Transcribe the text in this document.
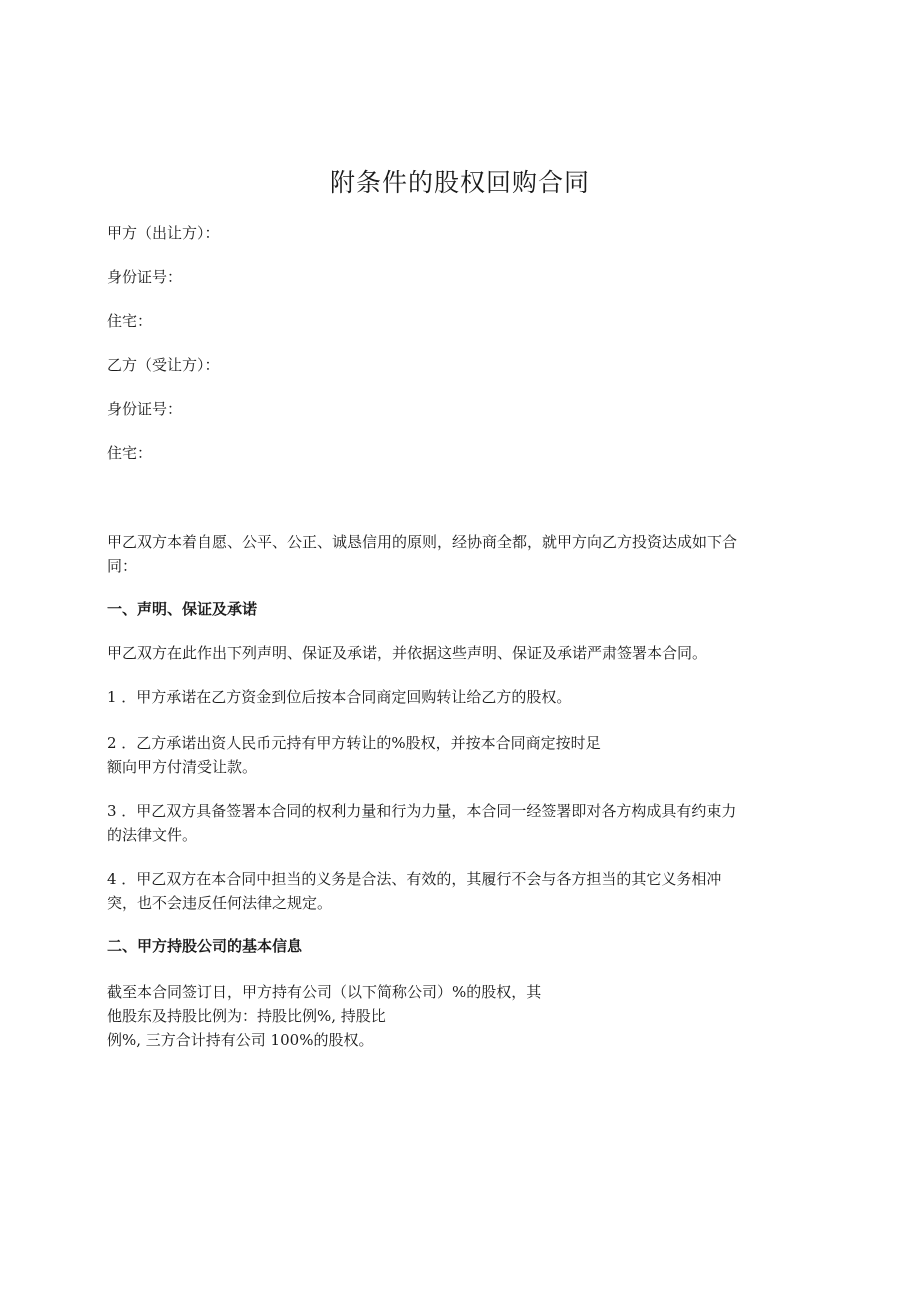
附条件的股权回购合同

甲方（出让方）：

身份证号：

住宅：

乙方（受让方）：

身份证号：

住宅：

甲乙双方本着自愿、公平、公正、诚恳信用的原则，经协商全都，就甲方向乙方投资达成如下合
同：
一、声明、保证及承诺

甲乙双方在此作出下列声明、保证及承诺，并依据这些声明、保证及承诺严肃签署本合同。

1 ．甲方承诺在乙方资金到位后按本合同商定回购转让给乙方的股权。

2 ．乙方承诺出资人民币元持有甲方转让的%股权，并按本合同商定按时足
额向甲方付清受让款。
3 ．甲乙双方具备签署本合同的权利力量和行为力量，本合同一经签署即对各方构成具有约束力
的法律文件。
4 ．甲乙双方在本合同中担当的义务是合法、有效的，其履行不会与各方担当的其它义务相冲
突，也不会违反任何法律之规定。
二、甲方持股公司的基本信息
截至本合同签订日，甲方持有公司（以下简称公司）%的股权，其
他股东及持股比例为：持股比例%, 持股比
例%, 三方合计持有公司 100%的股权。
